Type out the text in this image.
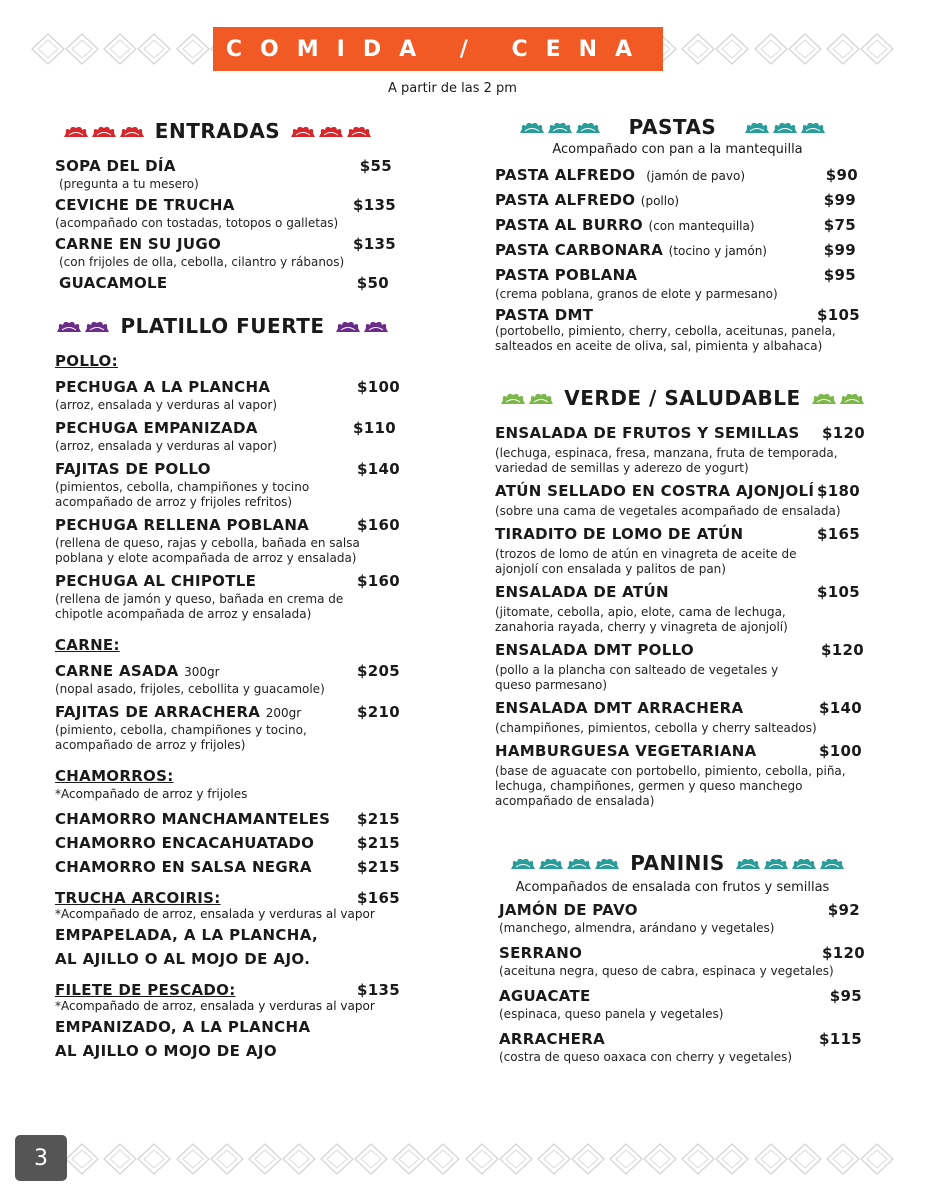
COMIDA / CENA
A partir de las 2 pm
3
ENTRADAS
SOPA DEL DÍA	$55
(pregunta a tu mesero)
CEVICHE DE TRUCHA	$135
(acompañado con tostadas, totopos o galletas)
CARNE EN SU JUGO	$135
(con frijoles de olla, cebolla, cilantro y rábanos)
GUACAMOLE	$50
PLATILLO FUERTE
POLLO:
PECHUGA A LA PLANCHA	$100
(arroz, ensalada y verduras al vapor)
PECHUGA EMPANIZADA	$110
(arroz, ensalada y verduras al vapor)
FAJITAS DE POLLO	$140
(pimientos, cebolla, champiñones y tocino acompañado de arroz y frijoles refritos)
PECHUGA RELLENA POBLANA	$160
(rellena de queso, rajas y cebolla, bañada en salsa poblana y elote acompañada de arroz y ensalada)
PECHUGA AL CHIPOTLE	$160
(rellena de jamón y queso, bañada en crema de chipotle acompañada de arroz y ensalada)
CARNE:
CARNE ASADA 300gr	$205
(nopal asado, frijoles, cebollita y guacamole)
FAJITAS DE ARRACHERA 200gr	$210
(pimiento, cebolla, champiñones y tocino, acompañado de arroz y frijoles)
CHAMORROS:
*Acompañado de arroz y frijoles
CHAMORRO MANCHAMANTELES $215
CHAMORRO ENCACAHUATADO	$215
CHAMORRO EN SALSA NEGRA	$215
TRUCHA ARCOIRIS:	$165
*Acompañado de arroz, ensalada y verduras al vapor
EMPAPELADA, A LA PLANCHA,
AL AJILLO O AL MOJO DE AJO.
FILETE DE PESCADO:	$135
*Acompañado de arroz, ensalada y verduras al vapor
EMPANIZADO, A LA PLANCHA
AL AJILLO O MOJO DE AJO
PASTAS
Acompañado con pan a la mantequilla
PASTA ALFREDO (jamón de pavo)	$90
PASTA ALFREDO (pollo)	$99
PASTA AL BURRO (con mantequilla)	$75
PASTA CARBONARA (tocino y jamón)	$99
PASTA POBLANA	$95
(crema poblana, granos de elote y parmesano)
PASTA DMT	$105
(portobello, pimiento, cherry, cebolla, aceitunas, panela, salteados en aceite de oliva, sal, pimienta y albahaca)
VERDE / SALUDABLE
ENSALADA DE FRUTOS Y SEMILLAS $120
(lechuga, espinaca, fresa, manzana, fruta de temporada, variedad de semillas y aderezo de yogurt)
ATÚN SELLADO EN COSTRA AJONJOLÍ $180
(sobre una cama de vegetales acompañado de ensalada)
TIRADITO DE LOMO DE ATÚN	$165
(trozos de lomo de atún en vinagreta de aceite de ajonjolí con ensalada y palitos de pan)
ENSALADA DE ATÚN	$105
(jitomate, cebolla, apio, elote, cama de lechuga, zanahoria rayada, cherry y vinagreta de ajonjolí)
ENSALADA DMT POLLO	$120
(pollo a la plancha con salteado de vegetales y queso parmesano)
ENSALADA DMT ARRACHERA	$140
(champiñones, pimientos, cebolla y cherry salteados)
HAMBURGUESA VEGETARIANA	$100
(base de aguacate con portobello, pimiento, cebolla, piña, lechuga, champiñones, germen y queso manchego acompañado de ensalada)
PANINIS
Acompañados de ensalada con frutos y semillas
JAMÓN DE PAVO	$92
(manchego, almendra, arándano y vegetales)
SERRANO	$120
(aceituna negra, queso de cabra, espinaca y vegetales)
AGUACATE	$95
(espinaca, queso panela y vegetales)
ARRACHERA	$115
(costra de queso oaxaca con cherry y vegetales)
